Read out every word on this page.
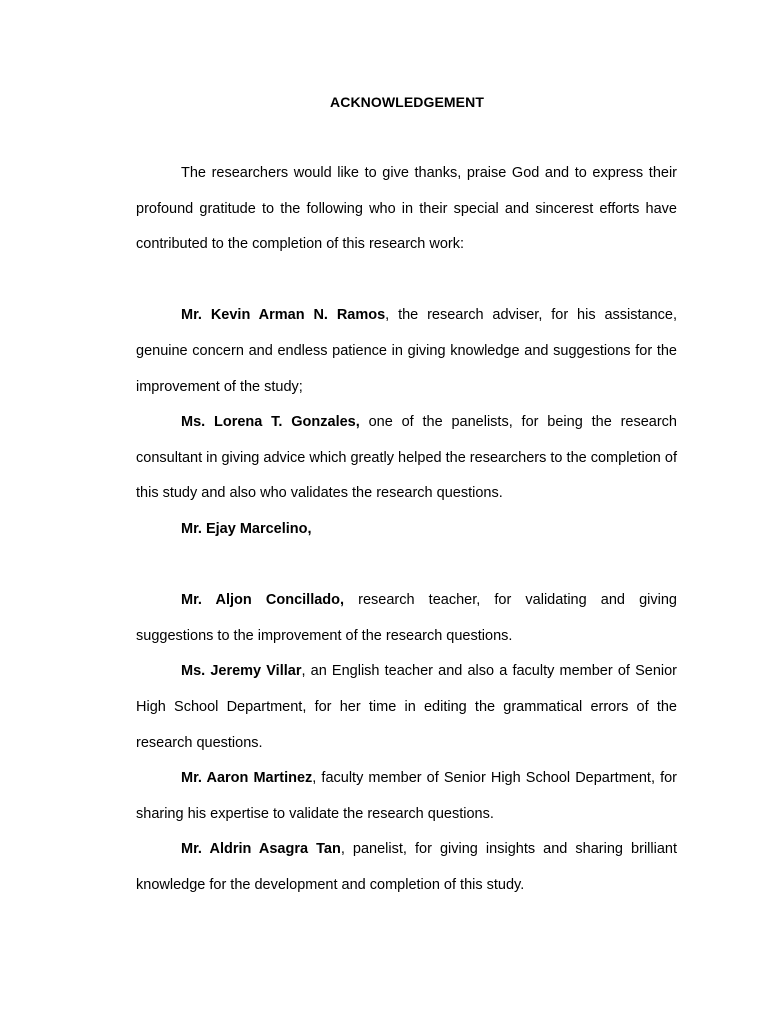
ACKNOWLEDGEMENT

The researchers would like to give thanks, praise God and to express their profound gratitude to the following who in their special and sincerest efforts have contributed to the completion of this research work:

Mr. Kevin Arman N. Ramos, the research adviser, for his assistance, genuine concern and endless patience in giving knowledge and suggestions for the improvement of the study;

Ms. Lorena T. Gonzales, one of the panelists, for being the research consultant in giving advice which greatly helped the researchers to the completion of this study and also who validates the research questions.

Mr. Ejay Marcelino,

Mr. Aljon Concillado, research teacher, for validating and giving suggestions to the improvement of the research questions.

Ms. Jeremy Villar, an English teacher and also a faculty member of Senior High School Department, for her time in editing the grammatical errors of the research questions.

Mr. Aaron Martinez, faculty member of Senior High School Department, for sharing his expertise to validate the research questions.

Mr. Aldrin Asagra Tan, panelist, for giving insights and sharing brilliant knowledge for the development and completion of this study.
